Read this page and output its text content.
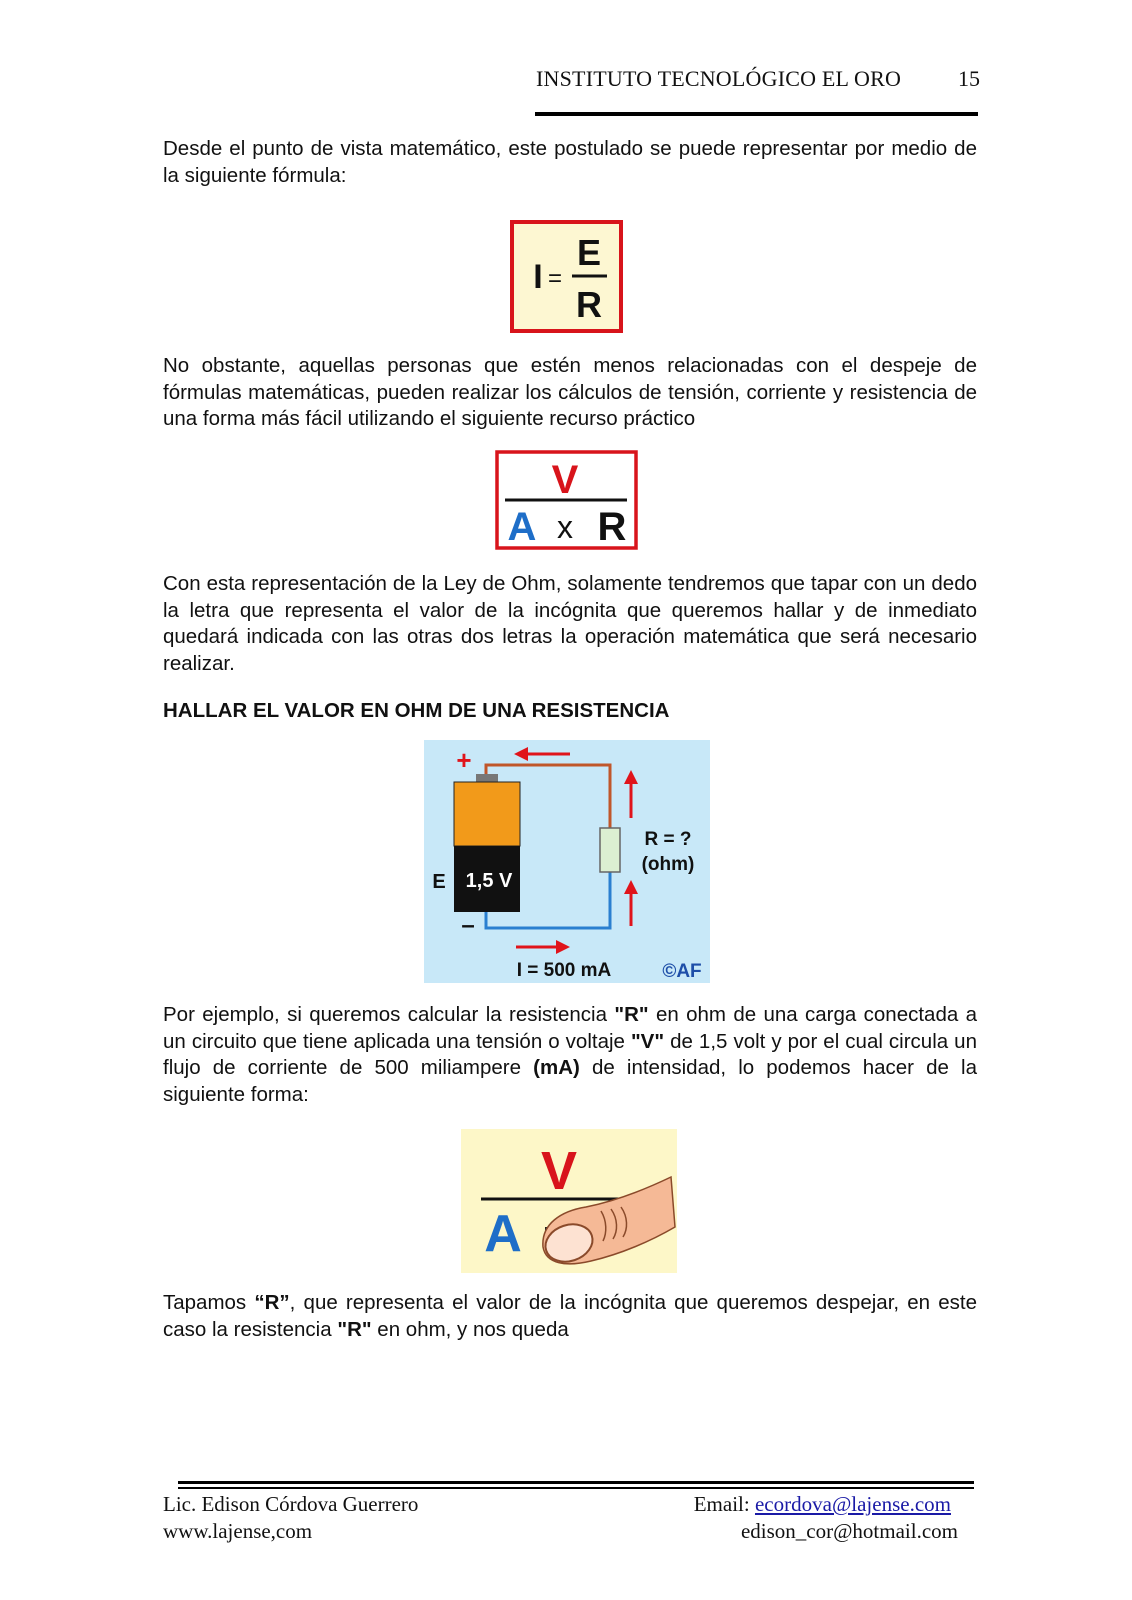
INSTITUTO TECNOLÓGICO EL ORO	15

Desde el punto de vista matemático, este postulado se puede representar por medio de la siguiente fórmula:

I =
E
R

No obstante, aquellas personas que estén menos relacionadas con el despeje de fórmulas matemáticas, pueden realizar los cálculos de tensión, corriente y resistencia de una forma más fácil utilizando el siguiente recurso práctico

V
A x R

Con esta representación de la Ley de Ohm, solamente tendremos que tapar con un dedo la letra que representa el valor de la incógnita que queremos hallar y de inmediato quedará indicada con las otras dos letras la operación matemática que será necesario realizar.

HALLAR EL VALOR EN OHM DE UNA RESISTENCIA
1,5 V
E
+
–
R = ?
(ohm)
I = 500 mA	©AF

Por ejemplo, si queremos calcular la resistencia "R" en ohm de una carga conectada a un circuito que tiene aplicada una tensión o voltaje "V" de 1,5 volt y por el cual circula un flujo de corriente de 500 miliampere (mA) de intensidad, lo podemos hacer de la siguiente forma:

V
A

Tapamos “R”, que representa el valor de la incógnita que queremos despejar, en este caso la resistencia "R" en ohm, y nos queda

Lic. Edison Córdova Guerrero
www.lajense,com
Email: ecordova@lajense.com
edison_cor@hotmail.com
